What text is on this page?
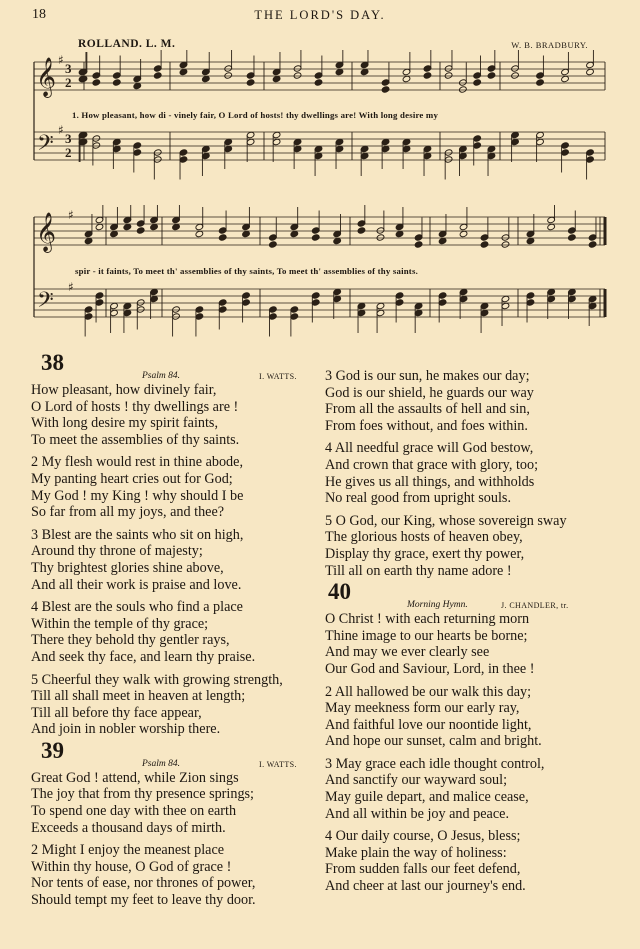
18	THE LORD'S DAY.
ROLLAND. L. M.	W. B. BRADBURY.
𝄞
𝄢
3
2
3
2
♯
♯
1. How pleasant, how di - vinely fair, O Lord of hosts! thy dwellings are! With long desire my
𝄞
𝄢
♯
♯
spir - it faints, To meet th' assemblies of thy saints, To meet th' assemblies of thy saints.
38
Psalm 84.	I. WATTS.
How pleasant, how divinely fair,
O Lord of hosts ! thy dwellings are !
With long desire my spirit faints,
To meet the assemblies of thy saints.
2 My flesh would rest in thine abode,
My panting heart cries out for God;
My God ! my King ! why should I be
So far from all my joys, and thee?
3 Blest are the saints who sit on high,
Around thy throne of majesty;
Thy brightest glories shine above,
And all their work is praise and love.
4 Blest are the souls who find a place
Within the temple of thy grace;
There they behold thy gentler rays,
And seek thy face, and learn thy praise.
5 Cheerful they walk with growing strength,
Till all shall meet in heaven at length;
Till all before thy face appear,
And join in nobler worship there.
39
Psalm 84.	I. WATTS.
Great God ! attend, while Zion sings
The joy that from thy presence springs;
To spend one day with thee on earth
Exceeds a thousand days of mirth.
2 Might I enjoy the meanest place
Within thy house, O God of grace !
Nor tents of ease, nor thrones of power,
Should tempt my feet to leave thy door.
3 God is our sun, he makes our day;
God is our shield, he guards our way
From all the assaults of hell and sin,
From foes without, and foes within.
4 All needful grace will God bestow,
And crown that grace with glory, too;
He gives us all things, and withholds
No real good from upright souls.
5 O God, our King, whose sovereign sway
The glorious hosts of heaven obey,
Display thy grace, exert thy power,
Till all on earth thy name adore !
40
Morning Hymn.	J. CHANDLER, tr.
O Christ ! with each returning morn
Thine image to our hearts be borne;
And may we ever clearly see
Our God and Saviour, Lord, in thee !
2 All hallowed be our walk this day;
May meekness form our early ray,
And faithful love our noontide light,
And hope our sunset, calm and bright.
3 May grace each idle thought control,
And sanctify our wayward soul;
May guile depart, and malice cease,
And all within be joy and peace.
4 Our daily course, O Jesus, bless;
Make plain the way of holiness:
From sudden falls our feet defend,
And cheer at last our journey's end.
